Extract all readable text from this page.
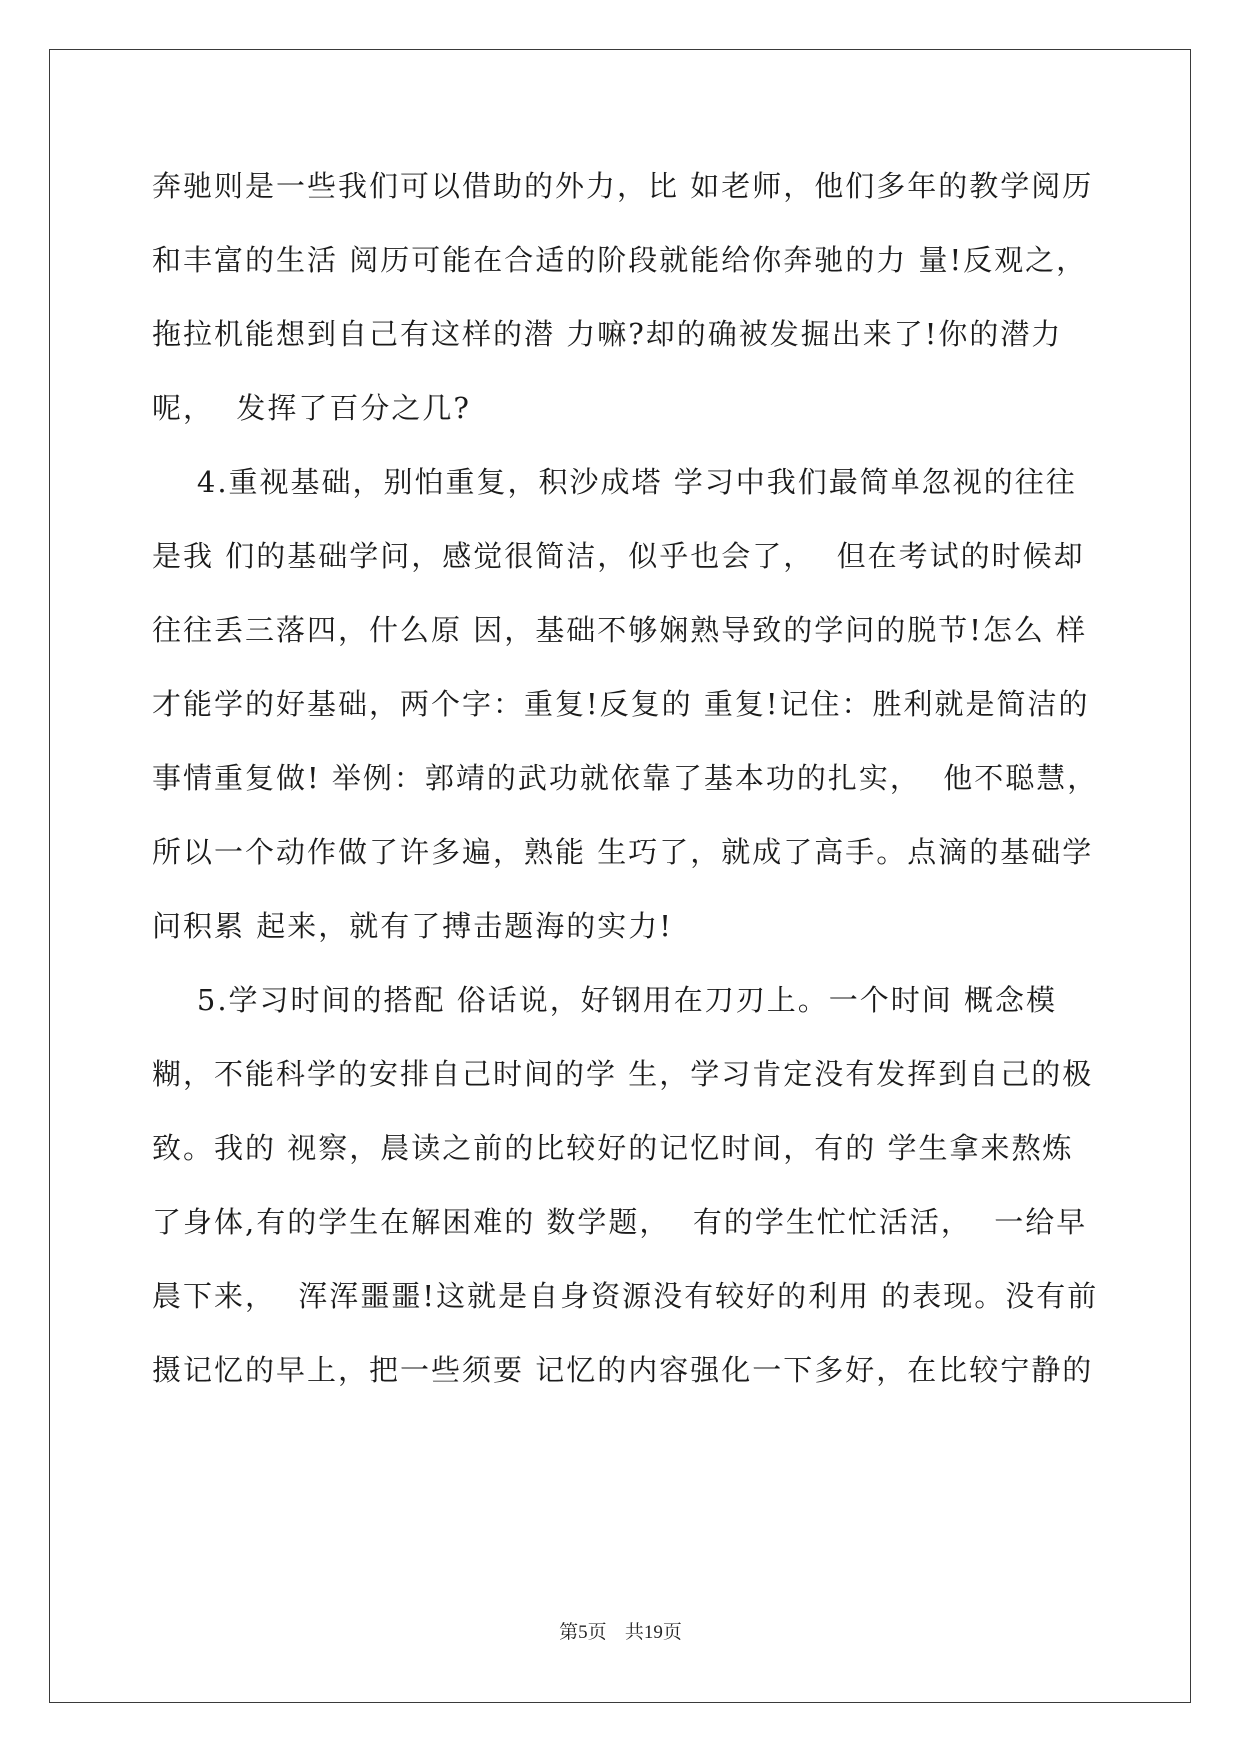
奔驰则是一些我们可以借助的外力，比 如老师，他们多年的教学阅历
和丰富的生活 阅历可能在合适的阶段就能给你奔驰的力 量!反观之，
拖拉机能想到自己有这样的潜 力嘛?却的确被发掘出来了!你的潜力
呢，  发挥了百分之几?
4.重视基础，别怕重复，积沙成塔 学习中我们最简单忽视的往往
是我 们的基础学问，感觉很简洁，似乎也会了，  但在考试的时候却
往往丢三落四，什么原 因，基础不够娴熟导致的学问的脱节!怎么 样
才能学的好基础，两个字：重复!反复的 重复!记住：胜利就是简洁的
事情重复做! 举例：郭靖的武功就依靠了基本功的扎实，  他不聪慧，
所以一个动作做了许多遍，熟能 生巧了，就成了高手。点滴的基础学
问积累 起来，就有了搏击题海的实力!
5.学习时间的搭配 俗话说，好钢用在刀刃上。一个时间 概念模
糊，不能科学的安排自己时间的学 生，学习肯定没有发挥到自己的极
致。我的 视察，晨读之前的比较好的记忆时间，有的 学生拿来熬炼
了身体,有的学生在解困难的 数学题，  有的学生忙忙活活，  一给早
晨下来，  浑浑噩噩!这就是自身资源没有较好的利用 的表现。没有前
摄记忆的早上，把一些须要 记忆的内容强化一下多好，在比较宁静的
第5页 共19页
